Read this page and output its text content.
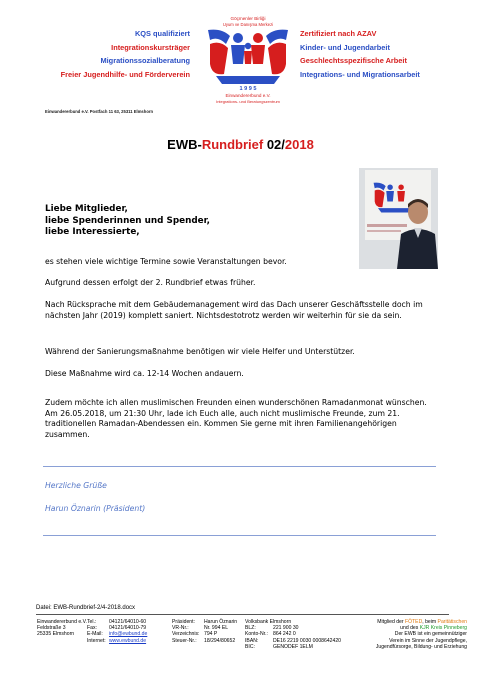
KQS qualifiziert
Integrationskursträger
Migrationssozialberatung
Freier Jugendhilfe- und Förderverein
Zertifiziert nach AZAV
Kinder- und Jugendarbeit
Geschlechtsspezifische Arbeit
Integrations- und Migrationsarbeit
Göçmenler Birliği
Uyum ve Danışma Merkezi
1 9 9 5
Einwandererbund e.V.
Integrations- und Beratungszentrum
Einwandererbund e.V. Postfach 11 63, 25311 Elmshorn
EWB-Rundbrief 02/2018
Liebe Mitglieder,
liebe Spenderinnen und Spender,
liebe Interessierte,
es stehen viele wichtige Termine sowie Veranstaltungen bevor.
Aufgrund dessen erfolgt der 2. Rundbrief etwas früher.
Nach Rücksprache mit dem Gebäudemanagement wird das Dach unserer Geschäftsstelle doch im nächsten Jahr (2019) komplett saniert. Nichtsdestotrotz werden wir weiterhin für sie da sein.
Während der Sanierungsmaßnahme benötigen wir viele Helfer und Unterstützer.
Diese Maßnahme wird ca. 12-14 Wochen andauern.
Zudem möchte ich allen muslimischen Freunden einen wunderschönen Ramadanmonat wünschen. Am 26.05.2018, um 21:30 Uhr, lade ich Euch alle, auch nicht muslimische Freunde, zum 21. traditionellen Ramadan-Abendessen ein. Kommen Sie gerne mit ihren Familienangehörigen zusammen.
Herzliche Grüße
Harun Öznarin (Präsident)
Datei: EWB-Rundbrief-2/4-2018.docx
Einwandererbund e.V.
Feldstraße 3
25335 Elmshorn
Tel.:
Fax:
E-Mail:
Internet:
04121/64010-60
04121/64010-79
info@ewbund.de
www.ewbund.de
Präsident:
VR-Nr.:
Verzeichnis:
Steuer-Nr.:
Harun Öznarin
Nr. 994 EL
794 P
18/294/80652
Volksbank Elmshorn
BLZ:
Konto-Nr.:
IBAN:
BIC:

221 900 30
864 242 0
DE16 2219 0030 0008642420
GENODEF 1ELM
Mitglied der FÖTED, beim Paritätischen
und des KJR Kreis Pinneberg
Der EWB ist ein gemeinnütziger
Verein im Sinne der Jugendpflege,
Jugendfürsorge, Bildung- und Erziehung
